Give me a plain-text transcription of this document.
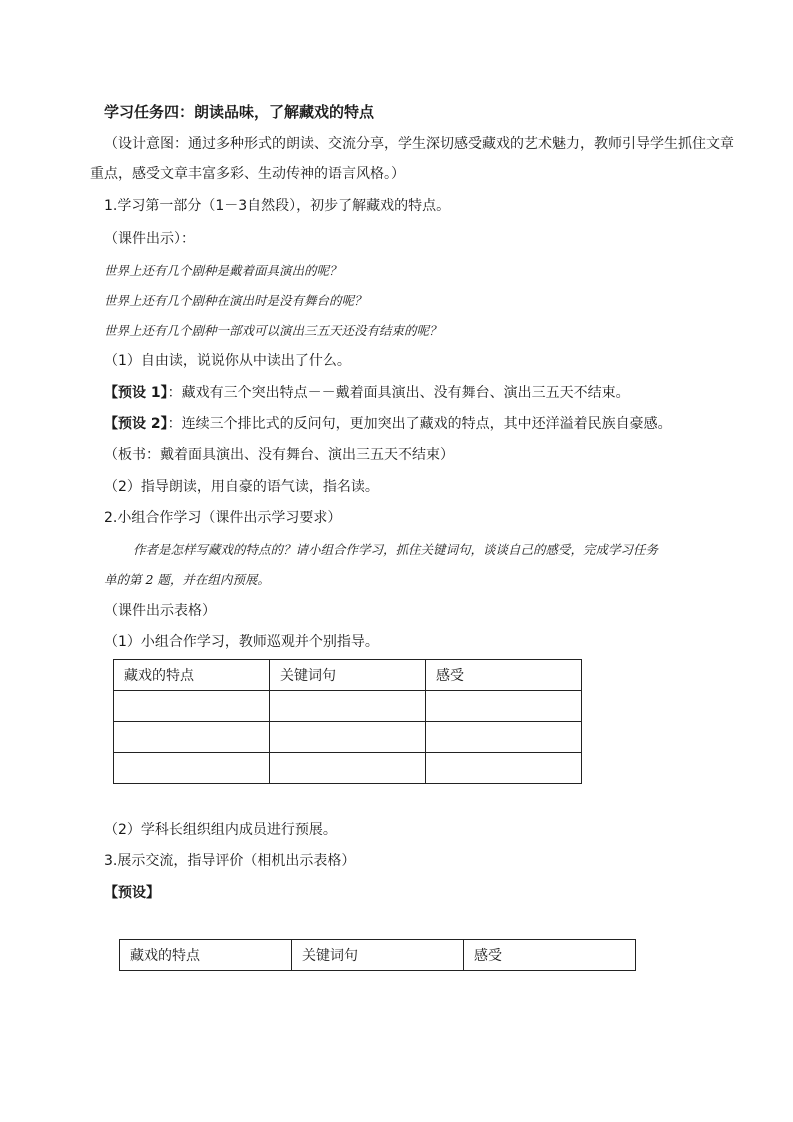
学习任务四：朗读品味，了解藏戏的特点
（设计意图：通过多种形式的朗读、交流分享，学生深切感受藏戏的艺术魅力，教师引导学生抓住文章
重点，感受文章丰富多彩、生动传神的语言风格。）
1.学习第一部分（1－3自然段），初步了解藏戏的特点。
（课件出示）：
世界上还有几个剧种是戴着面具演出的呢？
世界上还有几个剧种在演出时是没有舞台的呢？
世界上还有几个剧种一部戏可以演出三五天还没有结束的呢？
（1）自由读，说说你从中读出了什么。
【预设 1】：藏戏有三个突出特点－－戴着面具演出、没有舞台、演出三五天不结束。
【预设 2】：连续三个排比式的反问句，更加突出了藏戏的特点，其中还洋溢着民族自豪感。
（板书：戴着面具演出、没有舞台、演出三五天不结束）
（2）指导朗读，用自豪的语气读，指名读。
2.小组合作学习（课件出示学习要求）
作者是怎样写藏戏的特点的？请小组合作学习，抓住关键词句，谈谈自己的感受，完成学习任务
单的第 2 题，并在组内预展。
（课件出示表格）
（1）小组合作学习，教师巡观并个别指导。
藏戏的特点	关键词句	感受

（2）学科长组织组内成员进行预展。
3.展示交流，指导评价（相机出示表格）
【预设】
藏戏的特点	关键词句	感受
